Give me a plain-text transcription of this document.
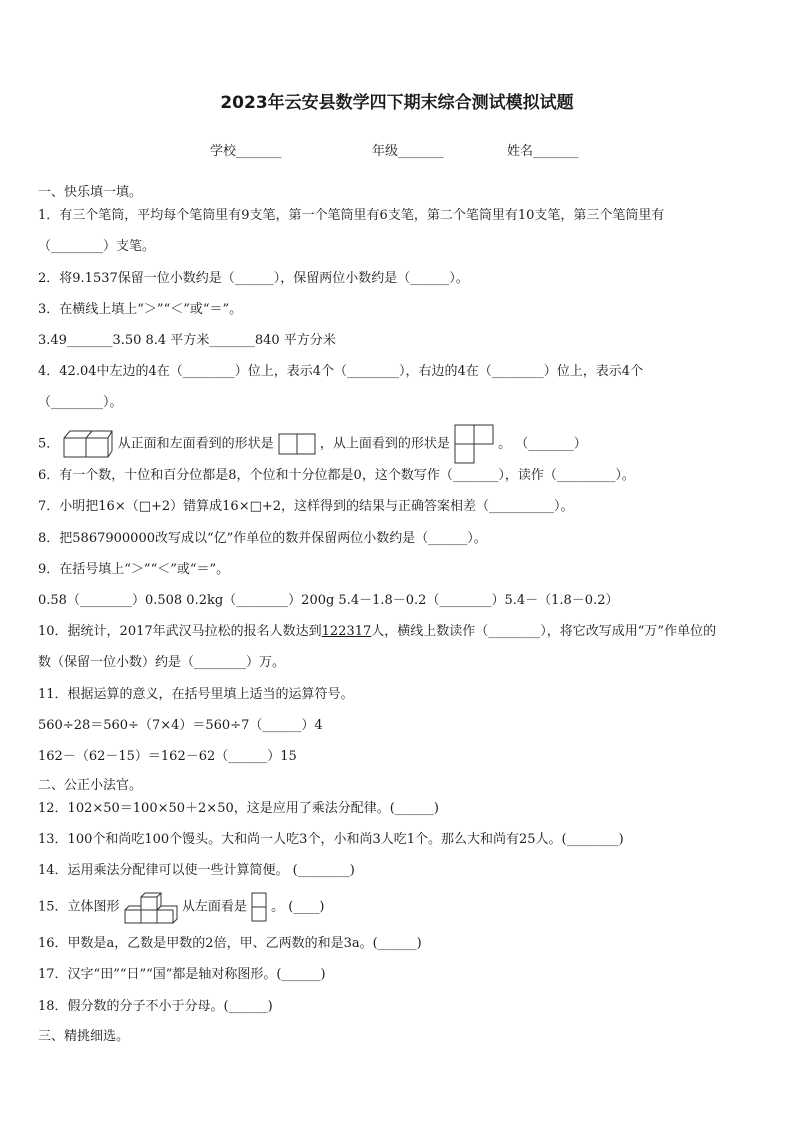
2023年云安县数学四下期末综合测试模拟试题
学校_______	年级_______	姓名_______
一、快乐填一填。
1．有三个笔筒，平均每个笔筒里有9支笔，第一个笔筒里有6支笔，第二个笔筒里有10支笔，第三个笔筒里有
（________）支笔。
2．将9.1537保留一位小数约是（______），保留两位小数约是（______）。
3．在横线上填上“＞”“＜”或“＝”。
3.49_______3.50 8.4 平方米_______840 平方分米
4．42.04中左边的4在（________）位上，表示4个（________），右边的4在（________）位上，表示4个
（________）。
5．	从正面和左面看到的形状是	，从上面看到的形状是	。 （_______）
6．有一个数，十位和百分位都是8，个位和十分位都是0，这个数写作（_______），读作（_________）。
7．小明把16×（□+2）错算成16×□+2，这样得到的结果与正确答案相差（__________）。
8．把5867900000改写成以“亿”作单位的数并保留两位小数约是（______）。
9．在括号填上“＞”“＜”或“＝”。
0.58（________）0.508 0.2kg（________）200g 5.4－1.8－0.2（________）5.4－（1.8－0.2）
10．据统计，2017年武汉马拉松的报名人数达到122317人，横线上数读作（________），将它改写成用“万”作单位的
数（保留一位小数）约是（________）万。
11．根据运算的意义，在括号里填上适当的运算符号。
560÷28＝560÷（7×4）＝560÷7（______）4
162－（62－15）＝162－62（______）15
二、公正小法官。
12．102×50＝100×50＋2×50，这是应用了乘法分配律。(______)
13．100个和尚吃100个馒头。大和尚一人吃3个，小和尚3人吃1个。那么大和尚有25人。(________)
14．运用乘法分配律可以使一些计算简便。 (________)
15．立体图形	从左面看是 。 (____)
16．甲数是a，乙数是甲数的2倍，甲、乙两数的和是3a。(______)
17．汉字“田”“日”“国”都是轴对称图形。(______)
18．假分数的分子不小于分母。(______)
三、精挑细选。
